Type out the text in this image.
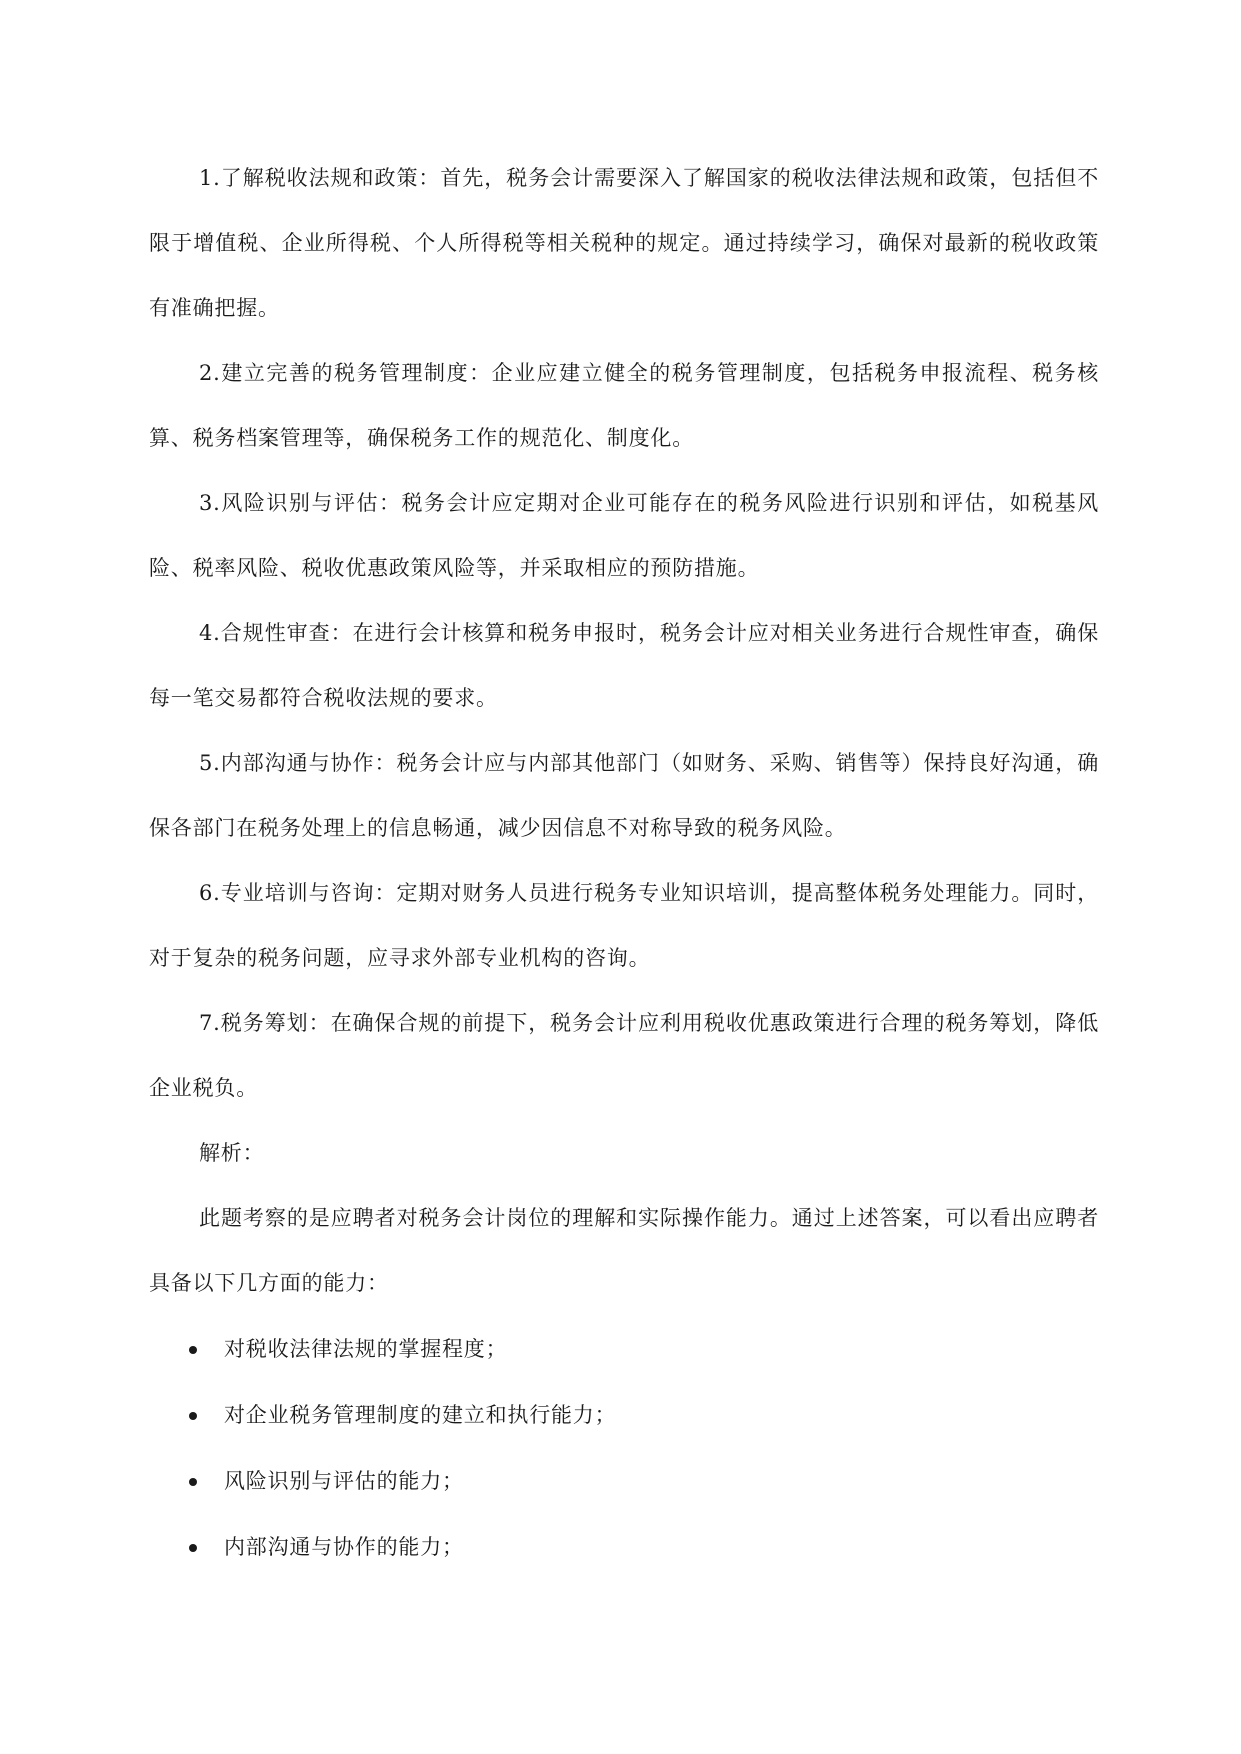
1.了解税收法规和政策：首先，税务会计需要深入了解国家的税收法律法规和政策，包括但不限于增值税、企业所得税、个人所得税等相关税种的规定。通过持续学习，确保对最新的税收政策有准确把握。

2.建立完善的税务管理制度：企业应建立健全的税务管理制度，包括税务申报流程、税务核算、税务档案管理等，确保税务工作的规范化、制度化。

3.风险识别与评估：税务会计应定期对企业可能存在的税务风险进行识别和评估，如税基风险、税率风险、税收优惠政策风险等，并采取相应的预防措施。

4.合规性审查：在进行会计核算和税务申报时，税务会计应对相关业务进行合规性审查，确保每一笔交易都符合税收法规的要求。

5.内部沟通与协作：税务会计应与内部其他部门（如财务、采购、销售等）保持良好沟通，确保各部门在税务处理上的信息畅通，减少因信息不对称导致的税务风险。

6.专业培训与咨询：定期对财务人员进行税务专业知识培训，提高整体税务处理能力。同时，对于复杂的税务问题，应寻求外部专业机构的咨询。

7.税务筹划：在确保合规的前提下，税务会计应利用税收优惠政策进行合理的税务筹划，降低企业税负。

解析：

此题考察的是应聘者对税务会计岗位的理解和实际操作能力。通过上述答案，可以看出应聘者具备以下几方面的能力：

对税收法律法规的掌握程度；
对企业税务管理制度的建立和执行能力；
风险识别与评估的能力；
内部沟通与协作的能力；
